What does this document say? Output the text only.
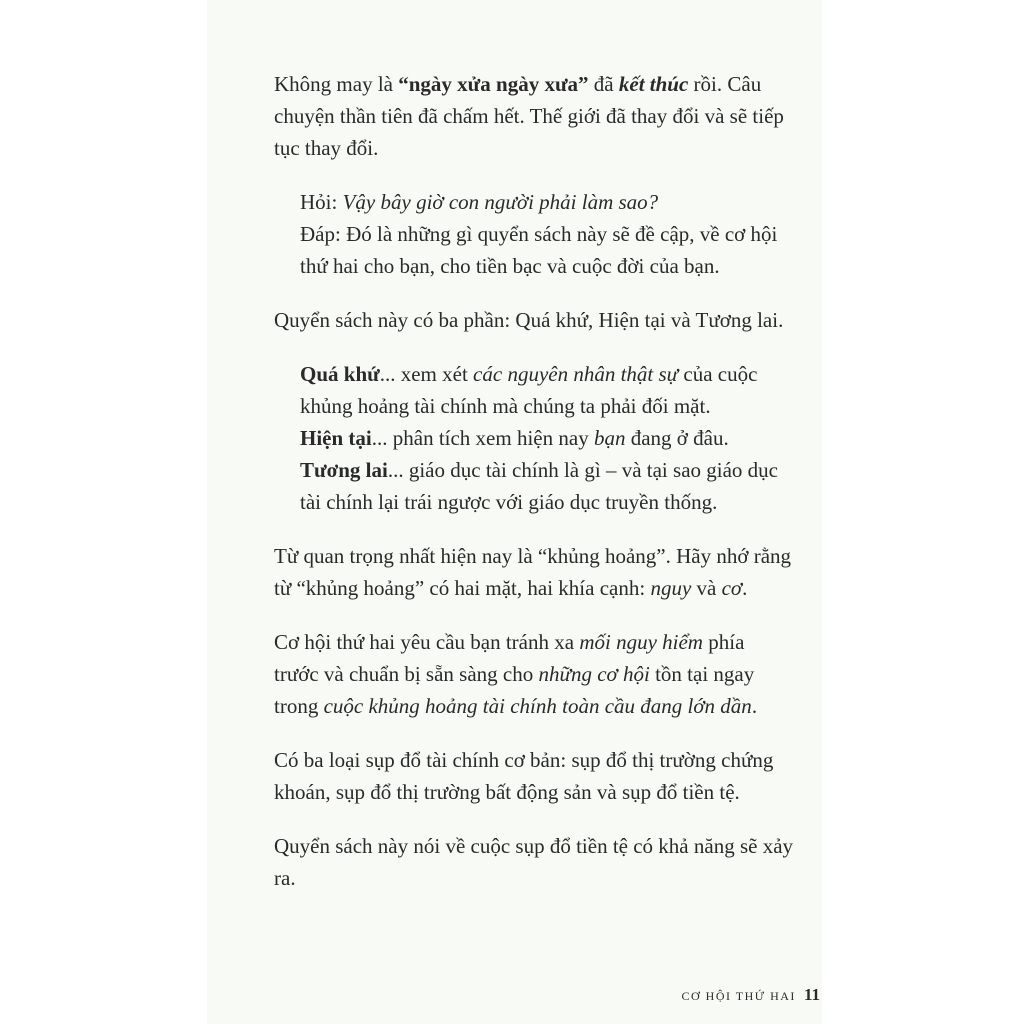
Không may là “ngày xửa ngày xưa” đã kết thúc rồi. Câu chuyện thần tiên đã chấm hết. Thế giới đã thay đổi và sẽ tiếp tục thay đổi.

Hỏi: Vậy bây giờ con người phải làm sao?

Đáp: Đó là những gì quyển sách này sẽ đề cập, về cơ hội thứ hai cho bạn, cho tiền bạc và cuộc đời của bạn.

Quyển sách này có ba phần: Quá khứ, Hiện tại và Tương lai.

Quá khứ... xem xét các nguyên nhân thật sự của cuộc khủng hoảng tài chính mà chúng ta phải đối mặt.

Hiện tại... phân tích xem hiện nay bạn đang ở đâu.

Tương lai... giáo dục tài chính là gì – và tại sao giáo dục tài chính lại trái ngược với giáo dục truyền thống.

Từ quan trọng nhất hiện nay là “khủng hoảng”. Hãy nhớ rằng từ “khủng hoảng” có hai mặt, hai khía cạnh: nguy và cơ.

Cơ hội thứ hai yêu cầu bạn tránh xa mối nguy hiểm phía trước và chuẩn bị sẵn sàng cho những cơ hội tồn tại ngay trong cuộc khủng hoảng tài chính toàn cầu đang lớn dần.

Có ba loại sụp đổ tài chính cơ bản: sụp đổ thị trường chứng khoán, sụp đổ thị trường bất động sản và sụp đổ tiền tệ.

Quyển sách này nói về cuộc sụp đổ tiền tệ có khả năng sẽ xảy ra.

CƠ HỘI THỨ HAI 11
